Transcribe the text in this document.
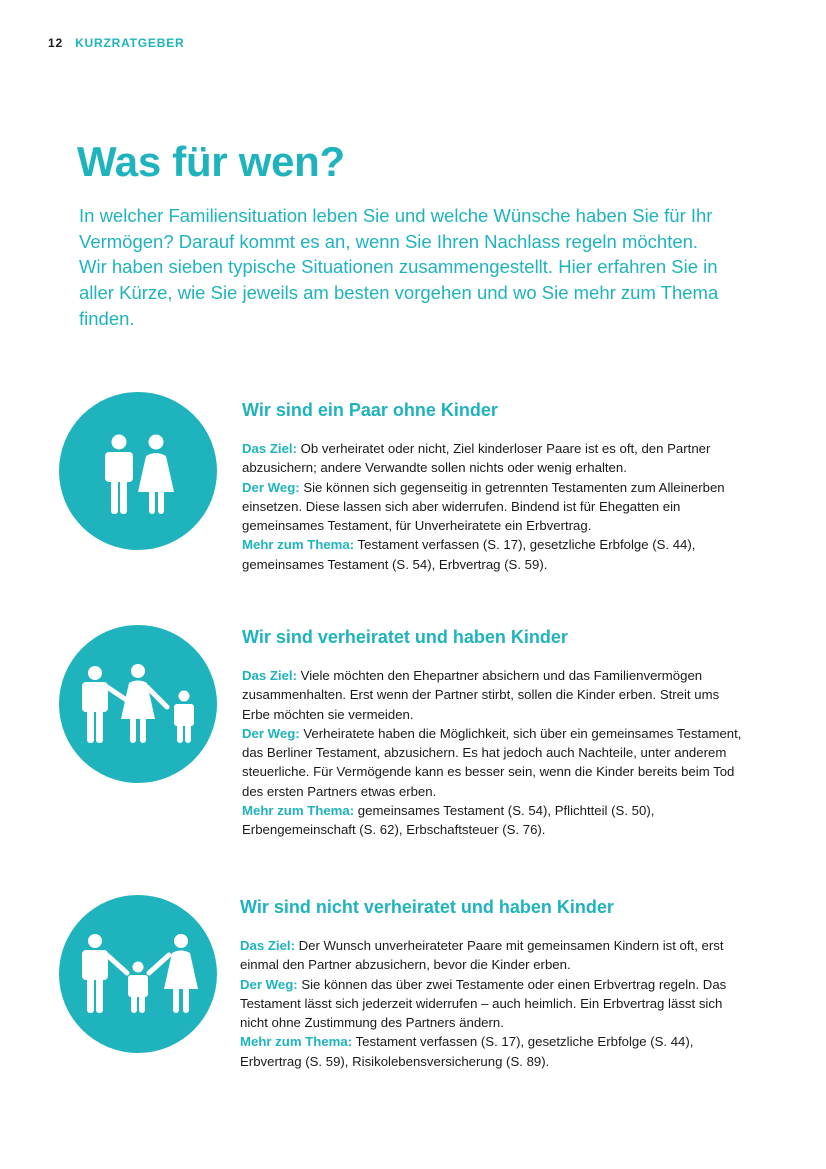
12 KURZRATGEBER
Was für wen?

In welcher Familiensituation leben Sie und welche Wünsche haben Sie für Ihr Vermögen? Darauf kommt es an, wenn Sie Ihren Nachlass regeln möchten. Wir haben sieben typische Situationen zusammengestellt. Hier erfahren Sie in aller Kürze, wie Sie jeweils am besten vorgehen und wo Sie mehr zum Thema finden.

Wir sind ein Paar ohne Kinder

Das Ziel: Ob verheiratet oder nicht, Ziel kinderloser Paare ist es oft, den Partner abzusichern; andere Verwandte sollen nichts oder wenig erhalten.
Der Weg: Sie können sich gegenseitig in getrennten Testamenten zum Alleinerben einsetzen. Diese lassen sich aber widerrufen. Bindend ist für Ehegatten ein gemeinsames Testament, für Unverheiratete ein Erbvertrag.
Mehr zum Thema: Testament verfassen (S. 17), gesetzliche Erbfolge (S. 44), gemeinsames Testament (S. 54), Erbvertrag (S. 59).

Wir sind verheiratet und haben Kinder

Das Ziel: Viele möchten den Ehepartner absichern und das Familienvermögen zusammenhalten. Erst wenn der Partner stirbt, sollen die Kinder erben. Streit ums Erbe möchten sie vermeiden.
Der Weg: Verheiratete haben die Möglichkeit, sich über ein gemeinsames Testament, das Berliner Testament, abzusichern. Es hat jedoch auch Nachteile, unter anderem steuerliche. Für Vermögende kann es besser sein, wenn die Kinder bereits beim Tod des ersten Partners etwas erben.
Mehr zum Thema: gemeinsames Testament (S. 54), Pflichtteil (S. 50), Erbengemeinschaft (S. 62), Erbschaftsteuer (S. 76).

Wir sind nicht verheiratet und haben Kinder

Das Ziel: Der Wunsch unverheirateter Paare mit gemeinsamen Kindern ist oft, erst einmal den Partner abzusichern, bevor die Kinder erben.
Der Weg: Sie können das über zwei Testamente oder einen Erbvertrag regeln. Das Testament lässt sich jederzeit widerrufen – auch heimlich. Ein Erbvertrag lässt sich nicht ohne Zustimmung des Partners ändern.
Mehr zum Thema: Testament verfassen (S. 17), gesetzliche Erbfolge (S. 44), Erbvertrag (S. 59), Risikolebensversicherung (S. 89).
